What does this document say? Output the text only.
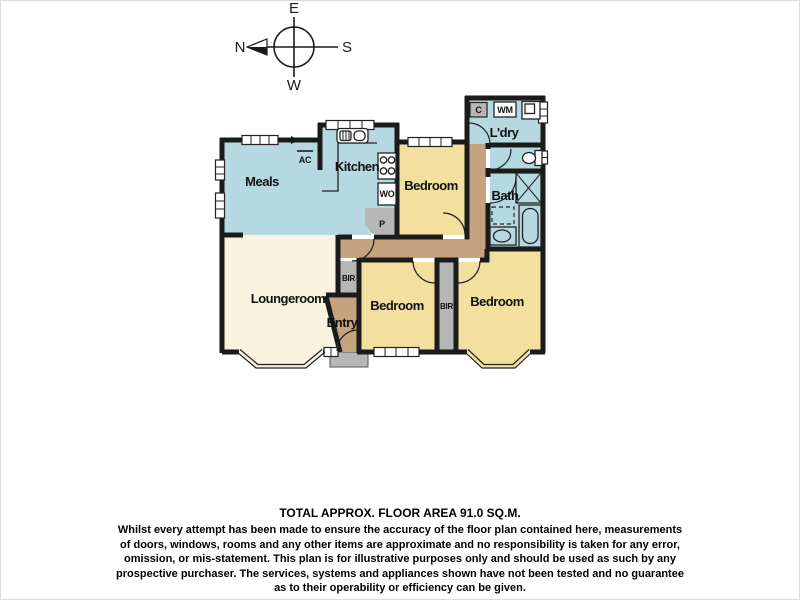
E
N	S
W
Meals
Kitchen
Bedroom
L'dry
Bath
Loungeroom
Entry
Bedroom	Bedroom
AC
WO
P
C WM
BIR
BIR
TOTAL APPROX. FLOOR AREA 91.0 SQ.M.
Whilst every attempt has been made to ensure the accuracy of the floor plan contained here, measurements
of doors, windows, rooms and any other items are approximate and no responsibility is taken for any error,
omission, or mis-statement. This plan is for illustrative purposes only and should be used as such by any
prospective purchaser. The services, systems and appliances shown have not been tested and no guarantee
as to their operability or efficiency can be given.
